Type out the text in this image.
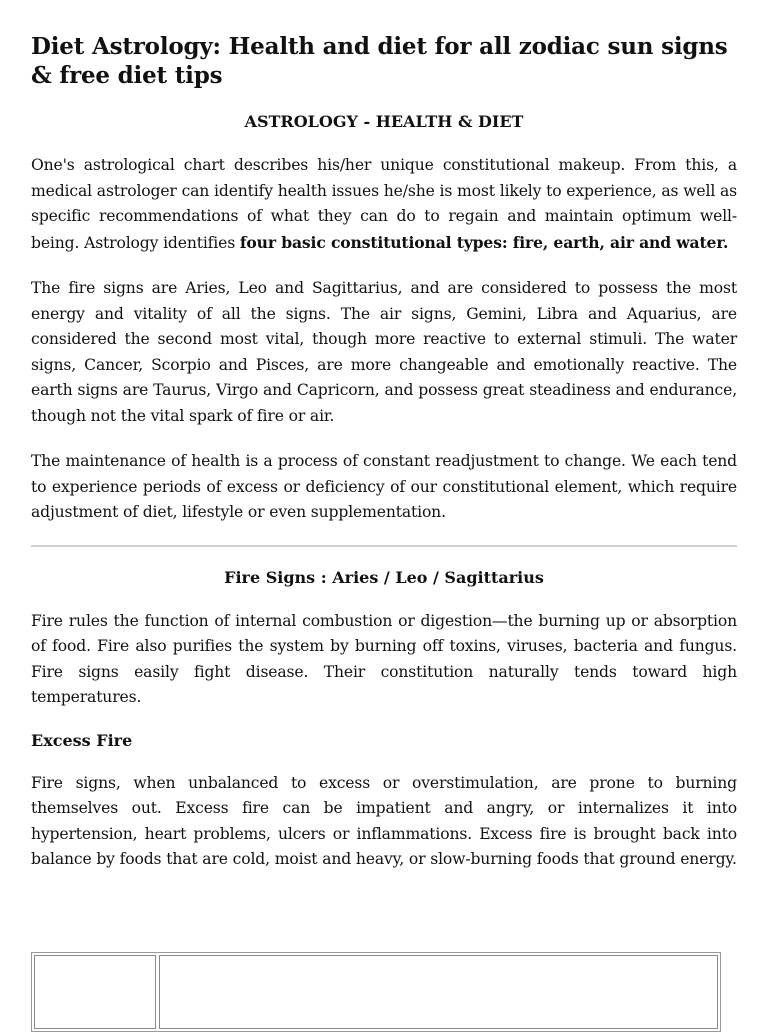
Diet Astrology: Health and diet for all zodiac sun signs & free diet tips
ASTROLOGY - HEALTH & DIET

One's astrological chart describes his/her unique constitutional makeup. From this, a medical astrologer can identify health issues he/she is most likely to experience, as well as specific recommendations of what they can do to regain and maintain optimum well-being. Astrology identifies four basic constitutional types: fire, earth, air and water.

The fire signs are Aries, Leo and Sagittarius, and are considered to possess the most energy and vitality of all the signs. The air signs, Gemini, Libra and Aquarius, are considered the second most vital, though more reactive to external stimuli. The water signs, Cancer, Scorpio and Pisces, are more changeable and emotionally reactive. The earth signs are Taurus, Virgo and Capricorn, and possess great steadiness and endurance, though not the vital spark of fire or air.

The maintenance of health is a process of constant readjustment to change. We each tend to experience periods of excess or deficiency of our constitutional element, which require adjustment of diet, lifestyle or even supplementation.

Fire Signs : Aries / Leo / Sagittarius

Fire rules the function of internal combustion or digestion—the burning up or absorption of food. Fire also purifies the system by burning off toxins, viruses, bacteria and fungus. Fire signs easily fight disease. Their constitution naturally tends toward high temperatures.

Excess Fire

Fire signs, when unbalanced to excess or overstimulation, are prone to burning themselves out. Excess fire can be impatient and angry, or internalizes it into hypertension, heart problems, ulcers or inflammations. Excess fire is brought back into balance by foods that are cold, moist and heavy, or slow-burning foods that ground energy.
